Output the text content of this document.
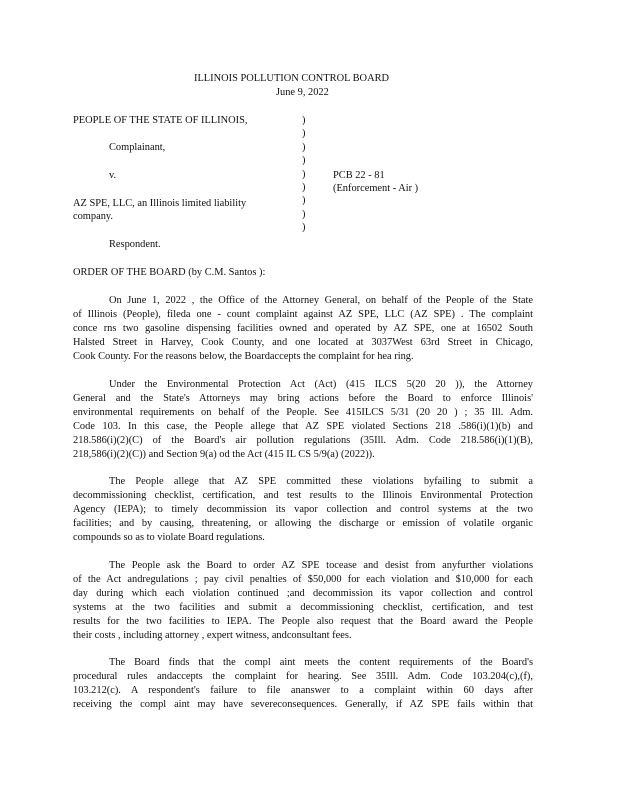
ILLINOIS POLLUTION CONTROL BOARD
June 9, 2022
PEOPLE OF THE STATE OF ILLINOIS,
Complainant,
v.	PCB 22 - 81
(Enforcement - Air )
AZ SPE, LLC, an Illinois limited liability
company.
Respondent.
)
)
)
)
)
)
)
)
)
ORDER OF THE BOARD (by C.M. Santos ):
On June 1, 2022 , the Office of the Attorney General, on behalf of the People of the State
of Illinois (People), fileda one - count complaint against AZ SPE, LLC (AZ SPE) . The complaint
conce rns two gasoline dispensing facilities owned and operated by AZ SPE, one at 16502 South
Halsted Street in Harvey, Cook County, and one located at 3037West 63rd Street in Chicago,
Cook County. For the reasons below, the Boardaccepts the complaint for hea ring.
Under the Environmental Protection Act (Act) (415 ILCS 5(20 20 )), the Attorney
General and the State's Attorneys may bring actions before the Board to enforce Illinois'
environmental requirements on behalf of the People. See 415ILCS 5/31 (20 20 ) ; 35 Ill. Adm.
Code 103. In this case, the People allege that AZ SPE violated Sections 218 .586(i)(1)(b) and
218.586(i)(2)(C) of the Board's air pollution regulations (35Ill. Adm. Code 218.586(i)(1)(B),
218,586(i)(2)(C)) and Section 9(a) od the Act (415 IL CS 5/9(a) (2022)).
The People allege that AZ SPE committed these violations byfailing to submit a
decommissioning checklist, certification, and test results to the Illinois Environmental Protection
Agency (IEPA); to timely decommission its vapor collection and control systems at the two
facilities; and by causing, threatening, or allowing the discharge or emission of volatile organic
compounds so as to violate Board regulations.
The People ask the Board to order AZ SPE tocease and desist from anyfurther violations
of the Act andregulations ; pay civil penalties of $50,000 for each violation and $10,000 for each
day during which each violation continued ;and decommission its vapor collection and control
systems at the two facilities and submit a decommissioning checklist, certification, and test
results for the two facilities to IEPA. The People also request that the Board award the People
their costs , including attorney , expert witness, andconsultant fees.
The Board finds that the compl aint meets the content requirements of the Board's
procedural rules andaccepts the complaint for hearing. See 35Ill. Adm. Code 103.204(c),(f),
103.212(c). A respondent's failure to file ananswer to a complaint within 60 days after
receiving the compl aint may have severeconsequences. Generally, if AZ SPE fails within that
